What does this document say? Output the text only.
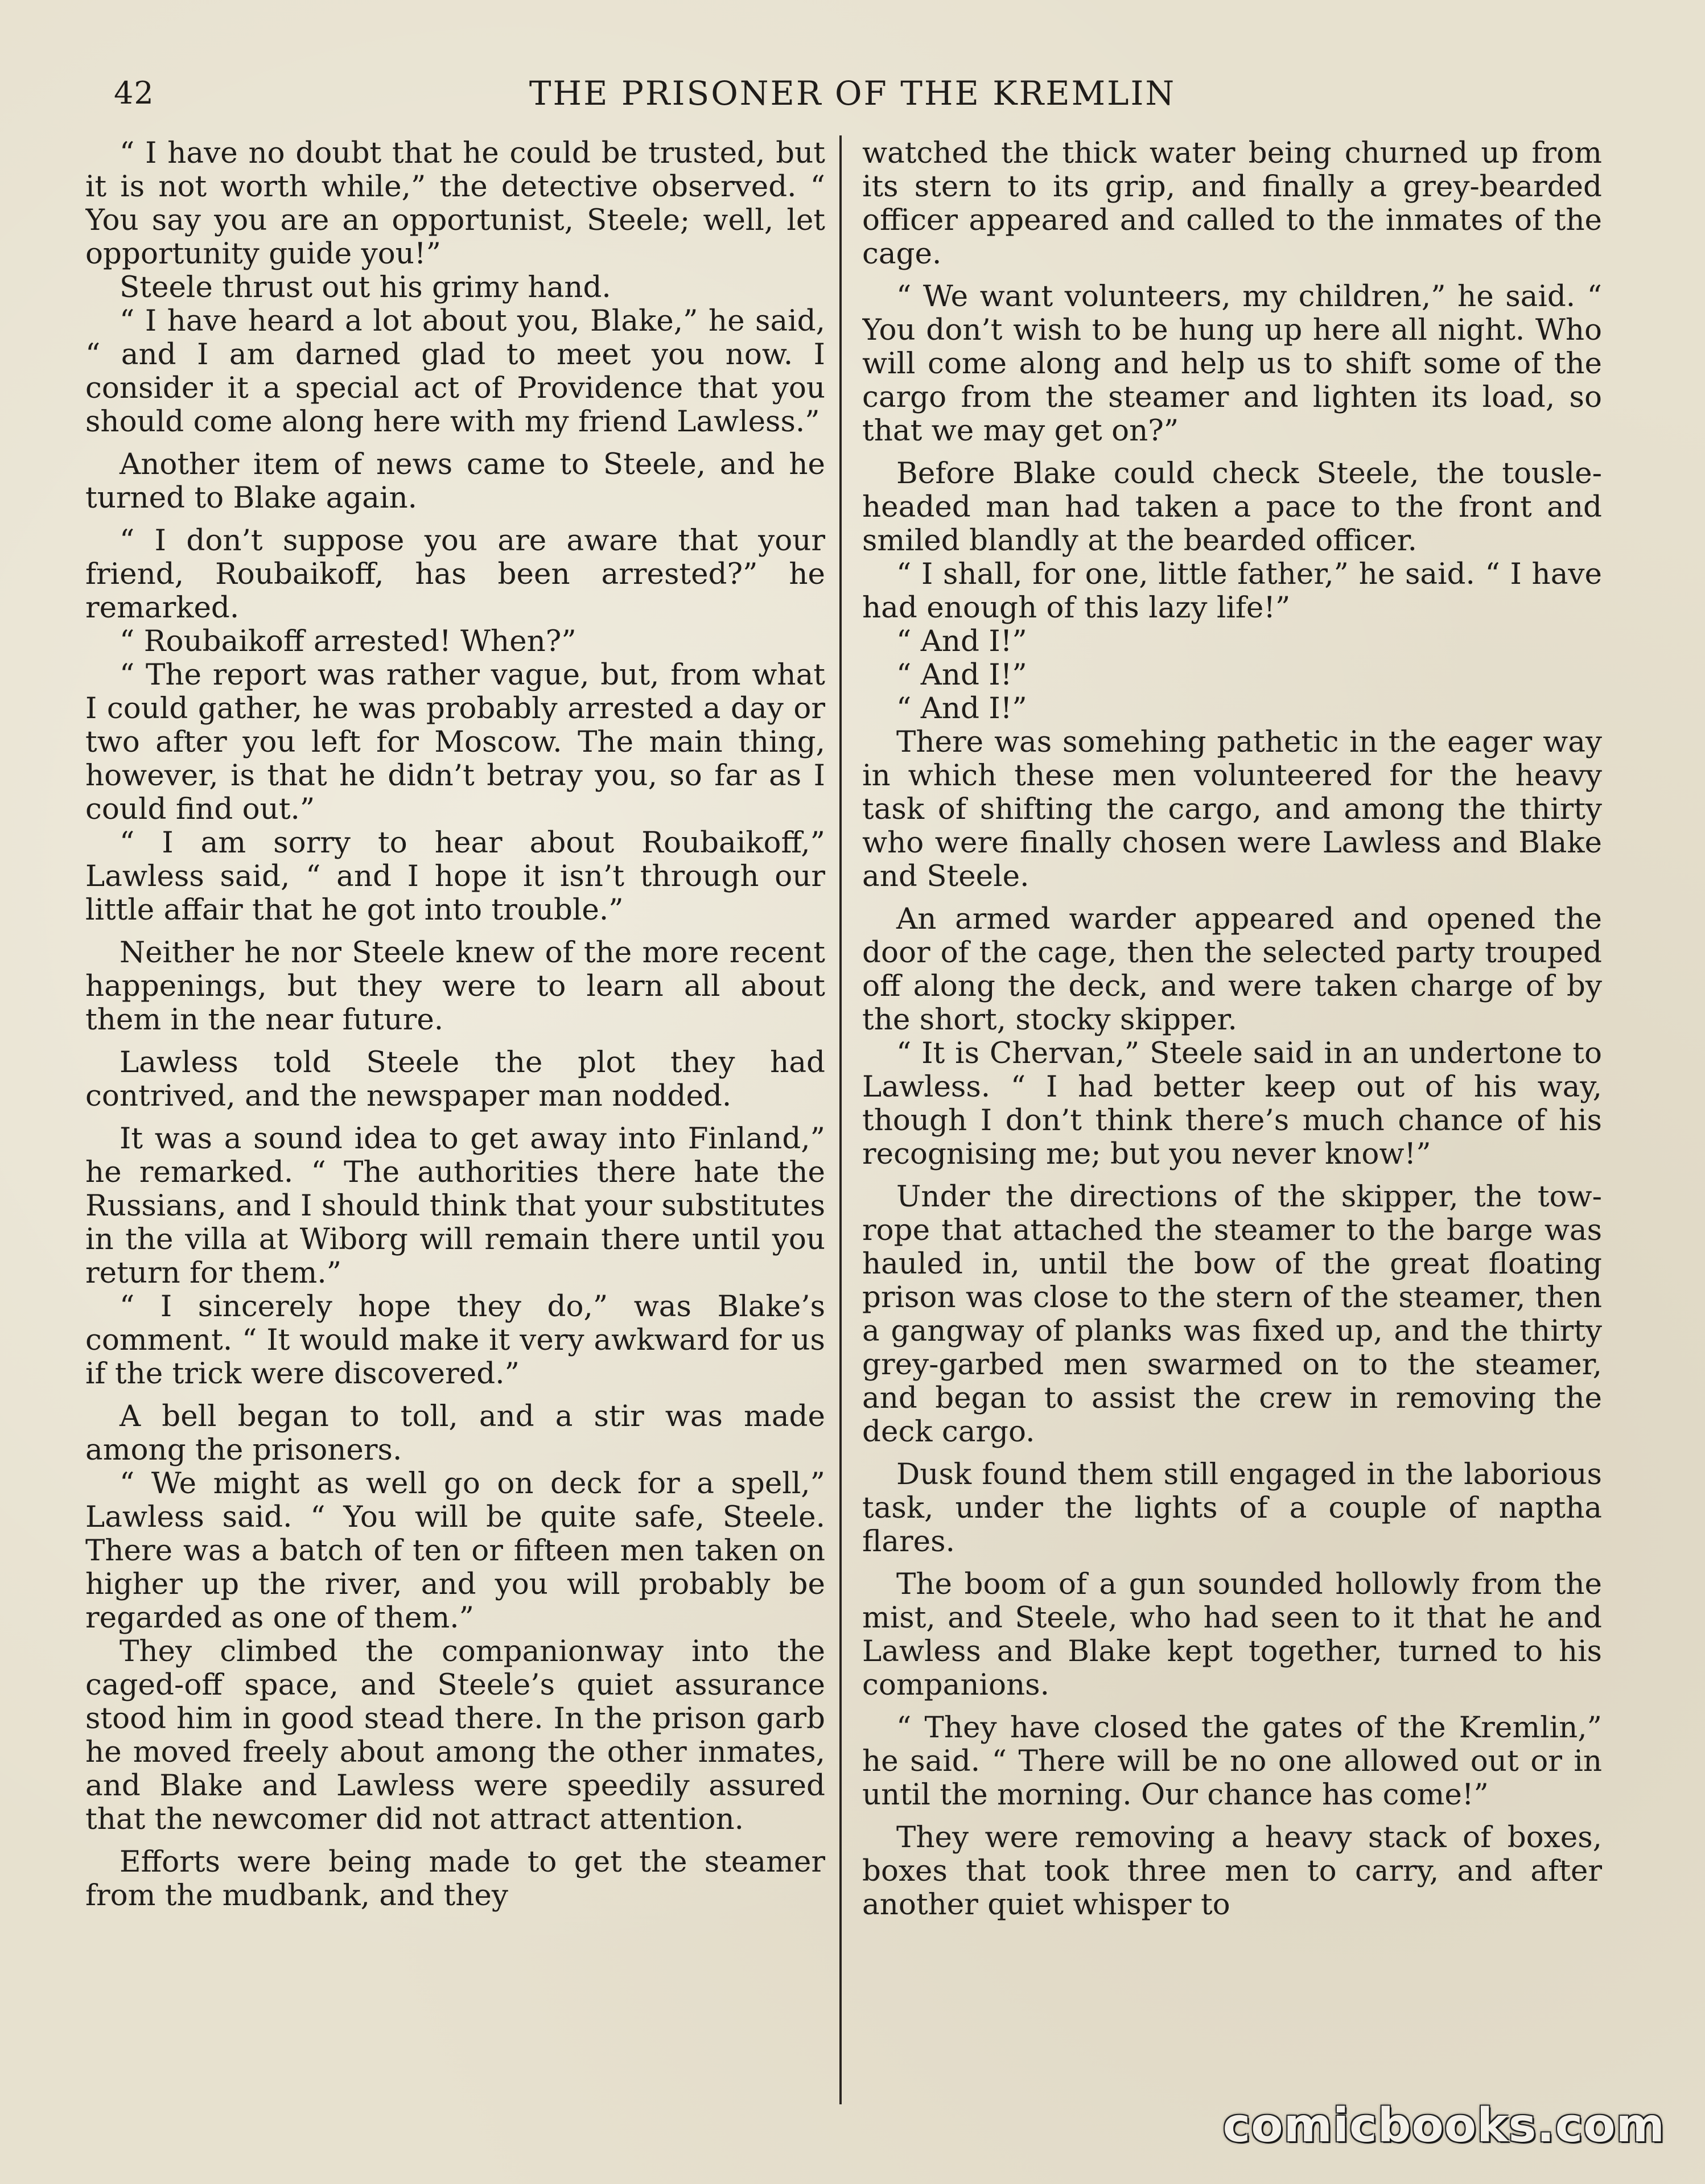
42	THE PRISONER OF THE KREMLIN

“ I have no doubt that he could be trusted, but it is not worth while,” the detective observed. “ You say you are an opportunist, Steele; well, let opportunity guide you!”

Steele thrust out his grimy hand.

“ I have heard a lot about you, Blake,” he said, “ and I am darned glad to meet you now. I consider it a special act of Providence that you should come along here with my friend Lawless.”

Another item of news came to Steele, and he turned to Blake again.

“ I don’t suppose you are aware that your friend, Roubaikoff, has been arrested?” he remarked.

“ Roubaikoff arrested! When?”

“ The report was rather vague, but, from what I could gather, he was probably arrested a day or two after you left for Moscow. The main thing, however, is that he didn’t betray you, so far as I could find out.”

“ I am sorry to hear about Roubaikoff,” Lawless said, “ and I hope it isn’t through our little affair that he got into trouble.”

Neither he nor Steele knew of the more recent happenings, but they were to learn all about them in the near future.

Lawless told Steele the plot they had contrived, and the newspaper man nodded.

It was a sound idea to get away into Finland,” he remarked. “ The authorities there hate the Russians, and I should think that your substitutes in the villa at Wiborg will remain there until you return for them.”

“ I sincerely hope they do,” was Blake’s comment. “ It would make it very awkward for us if the trick were discovered.”

A bell began to toll, and a stir was made among the prisoners.

“ We might as well go on deck for a spell,” Lawless said. “ You will be quite safe, Steele. There was a batch of ten or fifteen men taken on higher up the river, and you will probably be regarded as one of them.”

They climbed the companionway into the caged-off space, and Steele’s quiet assurance stood him in good stead there. In the prison garb he moved freely about among the other inmates, and Blake and Lawless were speedily assured that the newcomer did not attract attention.

Efforts were being made to get the steamer from the mudbank, and they

watched the thick water being churned up from its stern to its grip, and finally a grey-bearded officer appeared and called to the inmates of the cage.

“ We want volunteers, my children,” he said. “ You don’t wish to be hung up here all night. Who will come along and help us to shift some of the cargo from the steamer and lighten its load, so that we may get on?”

Before Blake could check Steele, the tousle-headed man had taken a pace to the front and smiled blandly at the bearded officer.

“ I shall, for one, little father,” he said. “ I have had enough of this lazy life!”

“ And I!”

“ And I!”

“ And I!”

There was somehing pathetic in the eager way in which these men volunteered for the heavy task of shifting the cargo, and among the thirty who were finally chosen were Lawless and Blake and Steele.

An armed warder appeared and opened the door of the cage, then the selected party trouped off along the deck, and were taken charge of by the short, stocky skipper.

“ It is Chervan,” Steele said in an undertone to Lawless. “ I had better keep out of his way, though I don’t think there’s much chance of his recognising me; but you never know!”

Under the directions of the skipper, the tow-rope that attached the steamer to the barge was hauled in, until the bow of the great floating prison was close to the stern of the steamer, then a gangway of planks was fixed up, and the thirty grey-garbed men swarmed on to the steamer, and began to assist the crew in removing the deck cargo.

Dusk found them still engaged in the laborious task, under the lights of a couple of naptha flares.

The boom of a gun sounded hollowly from the mist, and Steele, who had seen to it that he and Lawless and Blake kept together, turned to his companions.

“ They have closed the gates of the Kremlin,” he said. “ There will be no one allowed out or in until the morning. Our chance has come!”

They were removing a heavy stack of boxes, boxes that took three men to carry, and after another quiet whisper to

comicbooks.com
